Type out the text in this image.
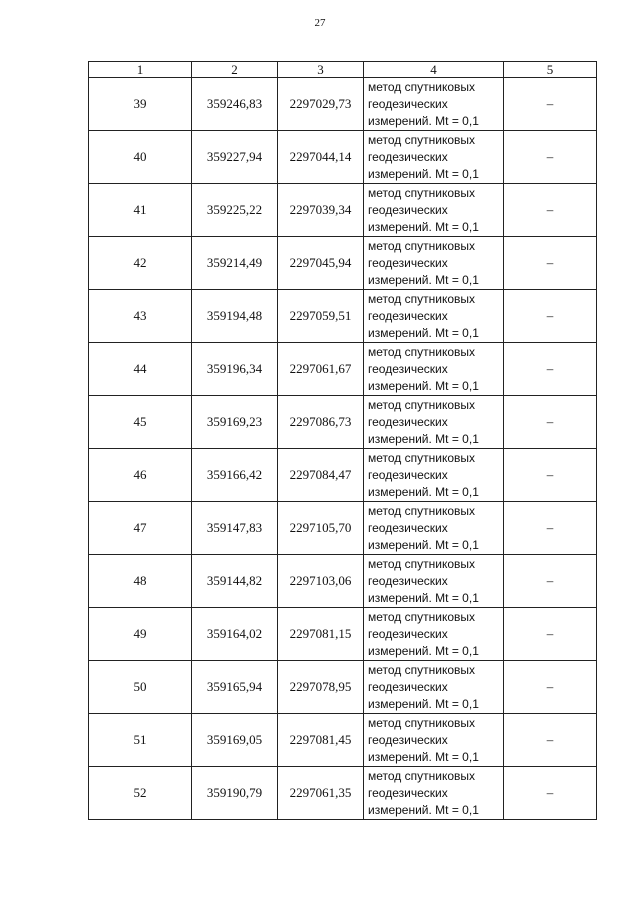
27
1	2	3	4	5
39	359246,83	2297029,73	метод спутниковых
геодезических
измерений. Mt = 0,1	–
40	359227,94	2297044,14	метод спутниковых
геодезических
измерений. Mt = 0,1	–
41	359225,22	2297039,34	метод спутниковых
геодезических
измерений. Mt = 0,1	–
42	359214,49	2297045,94	метод спутниковых
геодезических
измерений. Mt = 0,1	–
43	359194,48	2297059,51	метод спутниковых
геодезических
измерений. Mt = 0,1	–
44	359196,34	2297061,67	метод спутниковых
геодезических
измерений. Mt = 0,1	–
45	359169,23	2297086,73	метод спутниковых
геодезических
измерений. Mt = 0,1	–
46	359166,42	2297084,47	метод спутниковых
геодезических
измерений. Mt = 0,1	–
47	359147,83	2297105,70	метод спутниковых
геодезических
измерений. Mt = 0,1	–
48	359144,82	2297103,06	метод спутниковых
геодезических
измерений. Mt = 0,1	–
49	359164,02	2297081,15	метод спутниковых
геодезических
измерений. Mt = 0,1	–
50	359165,94	2297078,95	метод спутниковых
геодезических
измерений. Mt = 0,1	–
51	359169,05	2297081,45	метод спутниковых
геодезических
измерений. Mt = 0,1	–
52	359190,79	2297061,35	метод спутниковых
геодезических
измерений. Mt = 0,1	–
